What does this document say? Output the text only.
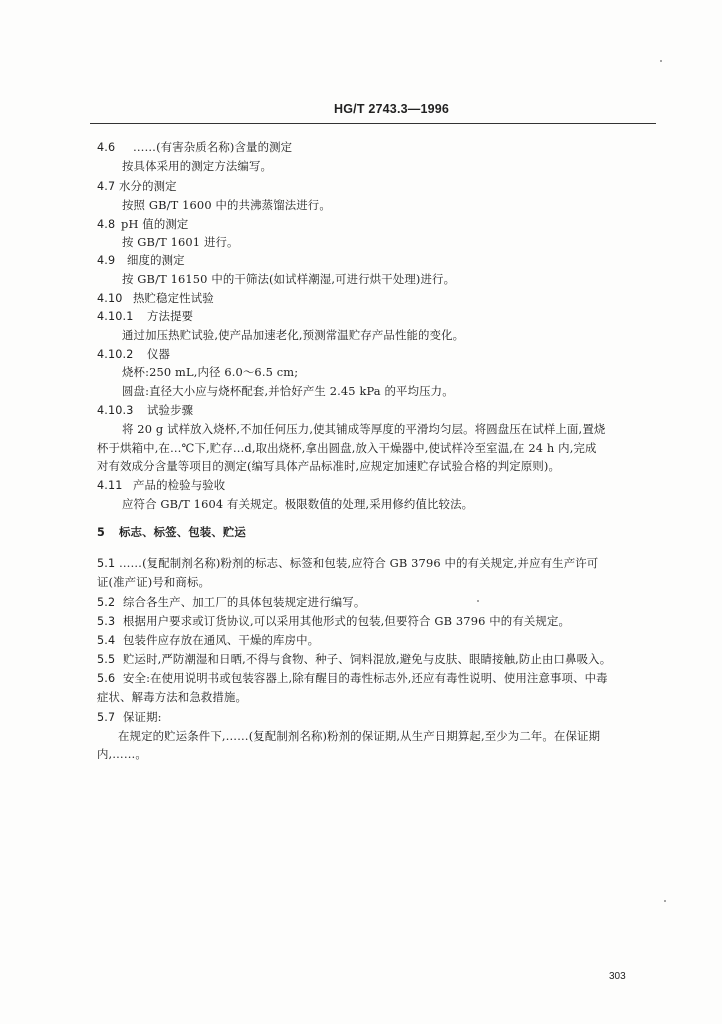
HG/T 2743.3—1996
4.6 ……(有害杂质名称)含量的测定
按具体采用的测定方法编写。
4.7 水分的测定
按照 GB/T 1600 中的共沸蒸馏法进行。
4.8 pH 值的测定
按 GB/T 1601 进行。
4.9 细度的测定
按 GB/T 16150 中的干筛法(如试样潮湿,可进行烘干处理)进行。
4.10 热贮稳定性试验
4.10.1 方法提要
通过加压热贮试验,使产品加速老化,预测常温贮存产品性能的变化。
4.10.2 仪器
烧杯:250 mL,内径 6.0～6.5 cm;
圆盘:直径大小应与烧杯配套,并恰好产生 2.45 kPa 的平均压力。
4.10.3 试验步骤
将 20 g 试样放入烧杯,不加任何压力,使其铺成等厚度的平滑均匀层。将圆盘压在试样上面,置烧
杯于烘箱中,在…℃下,贮存…d,取出烧杯,拿出圆盘,放入干燥器中,使试样冷至室温,在 24 h 内,完成
对有效成分含量等项目的测定(编写具体产品标准时,应规定加速贮存试验合格的判定原则)。
4.11 产品的检验与验收
应符合 GB/T 1604 有关规定。极限数值的处理,采用修约值比较法。
5 标志、标签、包装、贮运
5.1 ……(复配制剂名称)粉剂的标志、标签和包装,应符合 GB 3796 中的有关规定,并应有生产许可
证(准产证)号和商标。
5.2 综合各生产、加工厂的具体包装规定进行编写。
5.3 根据用户要求或订货协议,可以采用其他形式的包装,但要符合 GB 3796 中的有关规定。
5.4 包装件应存放在通风、干燥的库房中。
5.5 贮运时,严防潮湿和日晒,不得与食物、种子、饲料混放,避免与皮肤、眼睛接触,防止由口鼻吸入。
5.6 安全:在使用说明书或包装容器上,除有醒目的毒性标志外,还应有毒性说明、使用注意事项、中毒
症状、解毒方法和急救措施。
5.7 保证期:
在规定的贮运条件下,……(复配制剂名称)粉剂的保证期,从生产日期算起,至少为二年。在保证期
内,……。
303
